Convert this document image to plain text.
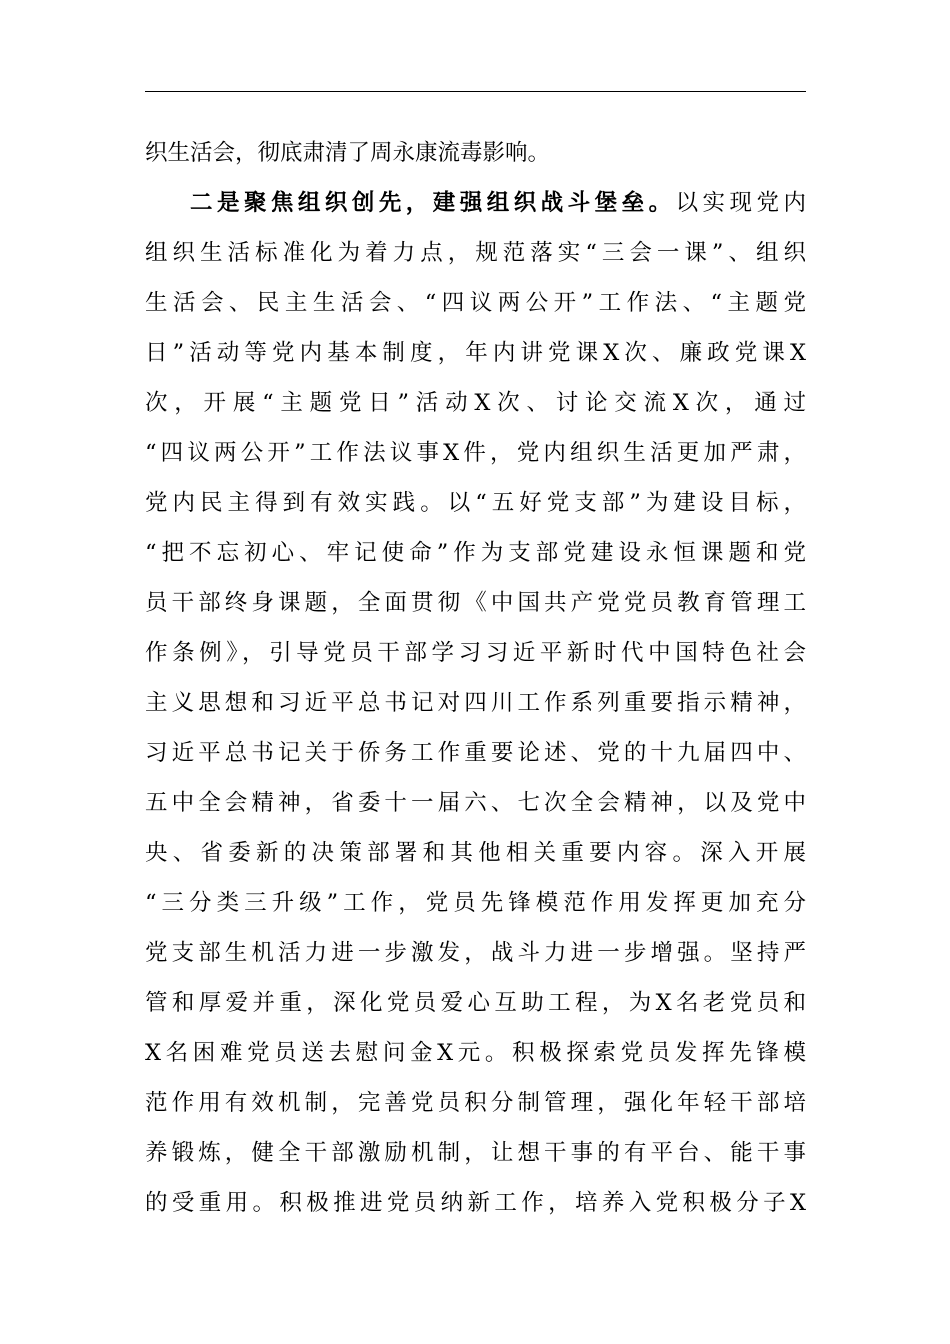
织生活会，彻底肃清了周永康流毒影响。
二是聚焦组织创先，建强组织战斗堡垒。以实现党内
组织生活标准化为着力点，规范落实“三会一课”、组织
生活会、民主生活会、“四议两公开”工作法、“主题党
日”活动等党内基本制度，年内讲党课X次、廉政党课X
次，开展“主题党日”活动X次、讨论交流X次，通过
“四议两公开”工作法议事X件，党内组织生活更加严肃，
党内民主得到有效实践。以“五好党支部”为建设目标，
“把不忘初心、牢记使命”作为支部党建设永恒课题和党
员干部终身课题，全面贯彻《中国共产党党员教育管理工
作条例》，引导党员干部学习习近平新时代中国特色社会
主义思想和习近平总书记对四川工作系列重要指示精神，
习近平总书记关于侨务工作重要论述、党的十九届四中、
五中全会精神，省委十一届六、七次全会精神，以及党中
央、省委新的决策部署和其他相关重要内容。深入开展
“三分类三升级”工作，党员先锋模范作用发挥更加充分
党支部生机活力进一步激发，战斗力进一步增强。坚持严
管和厚爱并重，深化党员爱心互助工程，为X名老党员和
X名困难党员送去慰问金X元。积极探索党员发挥先锋模
范作用有效机制，完善党员积分制管理，强化年轻干部培
养锻炼，健全干部激励机制，让想干事的有平台、能干事
的受重用。积极推进党员纳新工作，培养入党积极分子X
